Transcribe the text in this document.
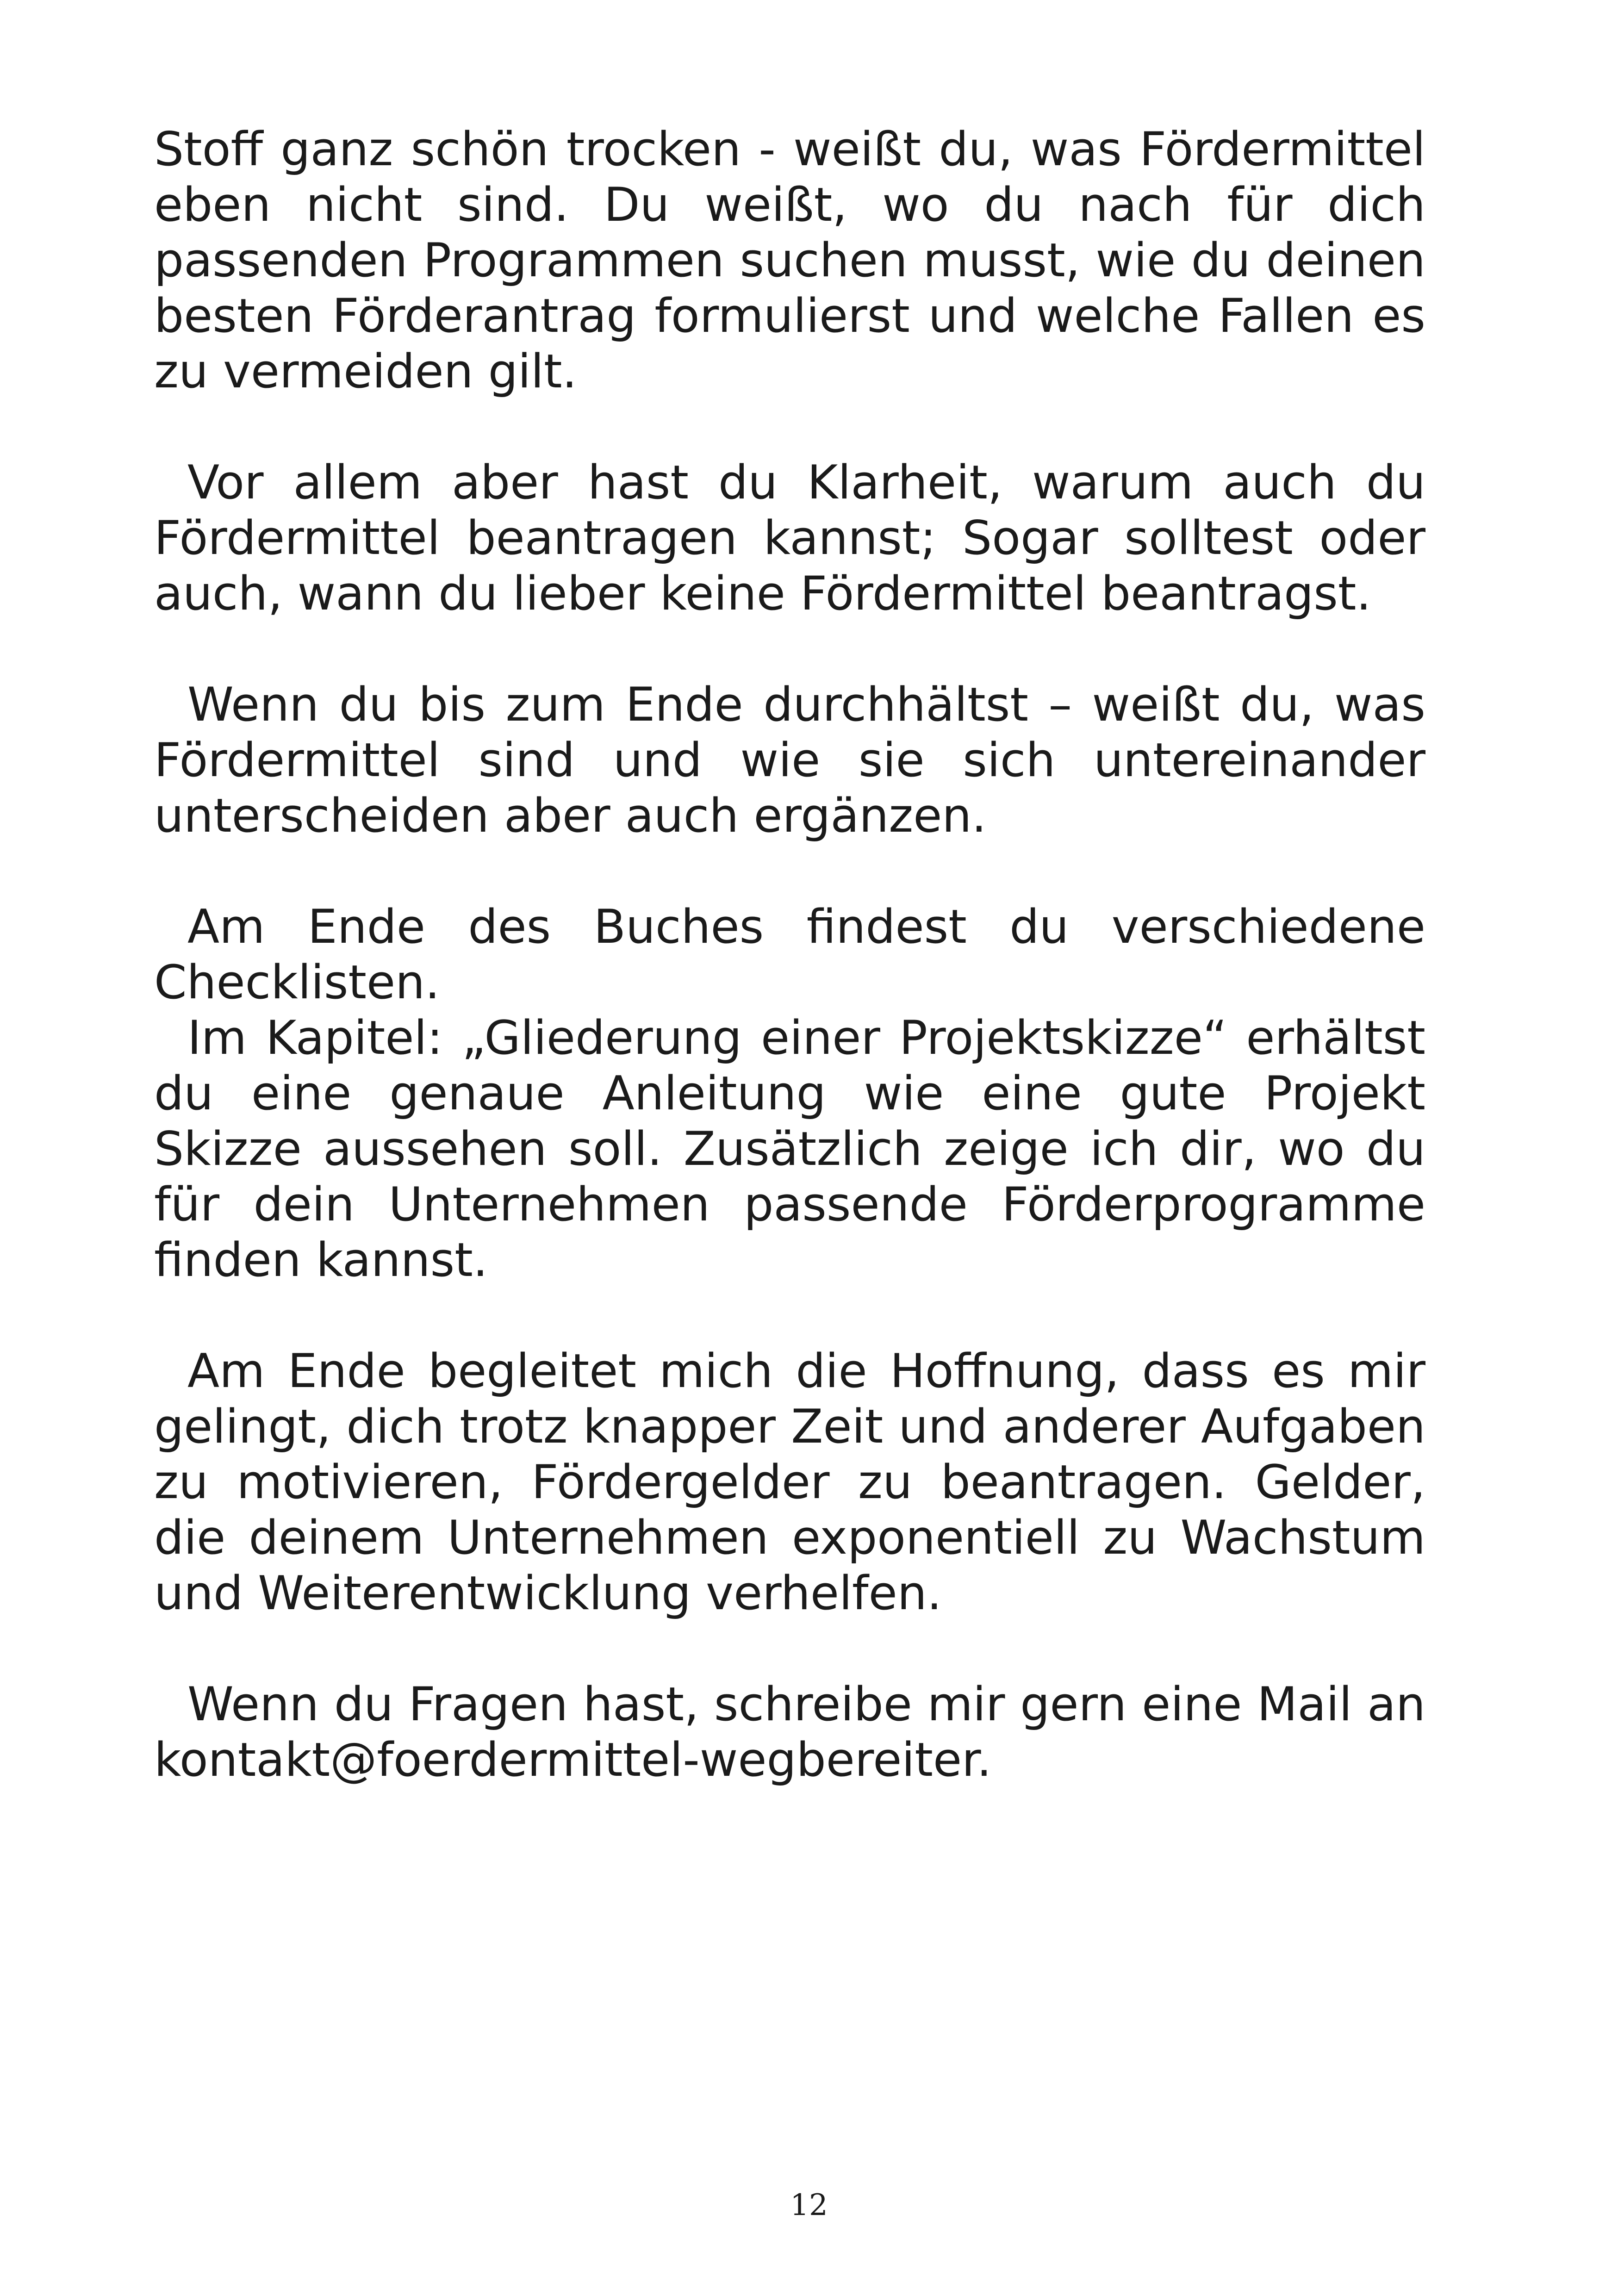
Stoff ganz schön trocken - weißt du, was Fördermittel eben nicht sind. Du weißt, wo du nach für dich passenden Programmen suchen musst, wie du deinen besten Förderantrag formulierst und welche Fallen es zu vermeiden gilt.

Vor allem aber hast du Klarheit, warum auch du Fördermittel beantragen kannst; Sogar solltest oder auch, wann du lieber keine Fördermittel beantragst.

Wenn du bis zum Ende durchhältst – weißt du, was Fördermittel sind und wie sie sich untereinander unterscheiden aber auch ergänzen.

Am Ende des Buches findest du verschiedene Checklisten.

Im Kapitel: „Gliederung einer Projektskizze“ erhältst du eine genaue Anleitung wie eine gute Projekt Skizze aussehen soll. Zusätzlich zeige ich dir, wo du für dein Unternehmen passende Förderprogramme finden kannst.

Am Ende begleitet mich die Hoffnung, dass es mir gelingt, dich trotz knapper Zeit und anderer Aufgaben zu motivieren, Fördergelder zu beantragen. Gelder, die deinem Unternehmen exponentiell zu Wachstum und Weiterentwicklung verhelfen.

Wenn du Fragen hast, schreibe mir gern eine Mail an kontakt@foerdermittel-wegbereiter.

12
